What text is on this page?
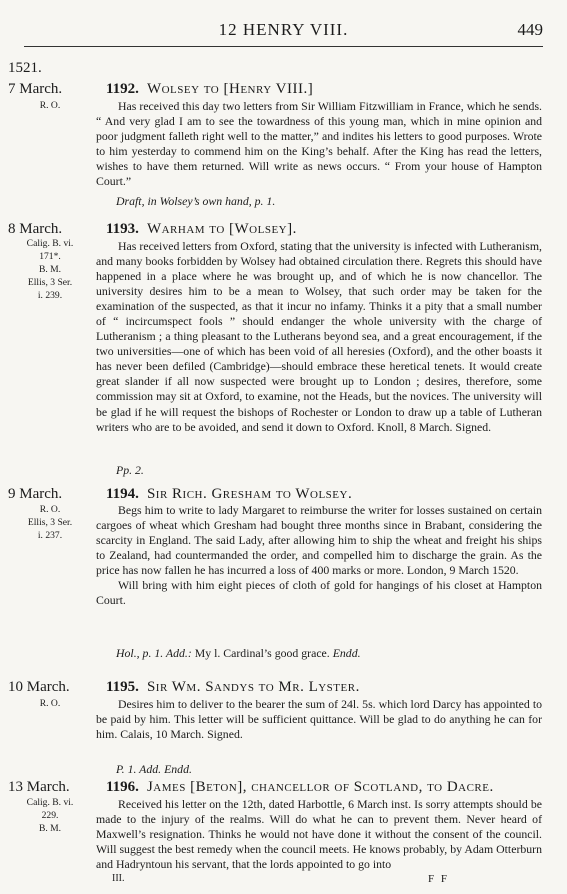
12 HENRY VIII.	449
1521.
7 March.
R. O.
1192. Wolsey to [Henry VIII.]

Has received this day two letters from Sir William Fitzwilliam in France, which he sends. “ And very glad I am to see the towardness of this young man, which in mine opinion and poor judgment falleth right well to the matter,” and indites his letters to good purposes. Wrote to him yesterday to commend him on the King’s behalf. After the King has read the letters, wishes to have them returned. Will write as news occurs. “ From your house of Hampton Court.”

Draft, in Wolsey’s own hand, p. 1.
8 March.
Calig. B. vi.
171*.
B. M.
Ellis, 3 Ser.
i. 239.
1193. Warham to [Wolsey].

Has received letters from Oxford, stating that the university is infected with Lutheranism, and many books forbidden by Wolsey had obtained circulation there. Regrets this should have happened in a place where he was brought up, and of which he is now chancellor. The university desires him to be a mean to Wolsey, that such order may be taken for the examination of the suspected, as that it incur no infamy. Thinks it a pity that a small number of “ incircumspect fools ” should endanger the whole university with the charge of Lutheranism ; a thing pleasant to the Lutherans beyond sea, and a great encouragement, if the two universities—one of which has been void of all heresies (Oxford), and the other boasts it has never been defiled (Cambridge)—should embrace these heretical tenets. It would create great slander if all now suspected were brought up to London ; desires, therefore, some commission may sit at Oxford, to examine, not the Heads, but the novices. The university will be glad if he will request the bishops of Rochester or London to draw up a table of Lutheran writers who are to be avoided, and send it down to Oxford. Knoll, 8 March. Signed.

Pp. 2.
9 March.
R. O.
Ellis, 3 Ser.
i. 237.
1194. Sir Rich. Gresham to Wolsey.

Begs him to write to lady Margaret to reimburse the writer for losses sustained on certain cargoes of wheat which Gresham had bought three months since in Brabant, considering the scarcity in England. The said Lady, after allowing him to ship the wheat and freight his ships to Zealand, had countermanded the order, and compelled him to discharge the grain. As the price has now fallen he has incurred a loss of 400 marks or more. London, 9 March 1520.

Will bring with him eight pieces of cloth of gold for hangings of his closet at Hampton Court.

Hol., p. 1. Add.: My l. Cardinal’s good grace. Endd.
10 March.
R. O.
1195. Sir Wm. Sandys to Mr. Lyster.

Desires him to deliver to the bearer the sum of 24l. 5s. which lord Darcy has appointed to be paid by him. This letter will be sufficient quittance. Will be glad to do anything he can for him. Calais, 10 March. Signed.

P. 1. Add. Endd.
13 March.
Calig. B. vi.
229.
B. M.
1196. James [Beton], chancellor of Scotland, to Dacre.

Received his letter on the 12th, dated Harbottle, 6 March inst. Is sorry attempts should be made to the injury of the realms. Will do what he can to prevent them. Never heard of Maxwell’s resignation. Thinks he would not have done it without the consent of the council. Will suggest the best remedy when the council meets. He knows probably, by Adam Otterburn and Hadryntoun his servant, that the lords appointed to go into

III.	F F
